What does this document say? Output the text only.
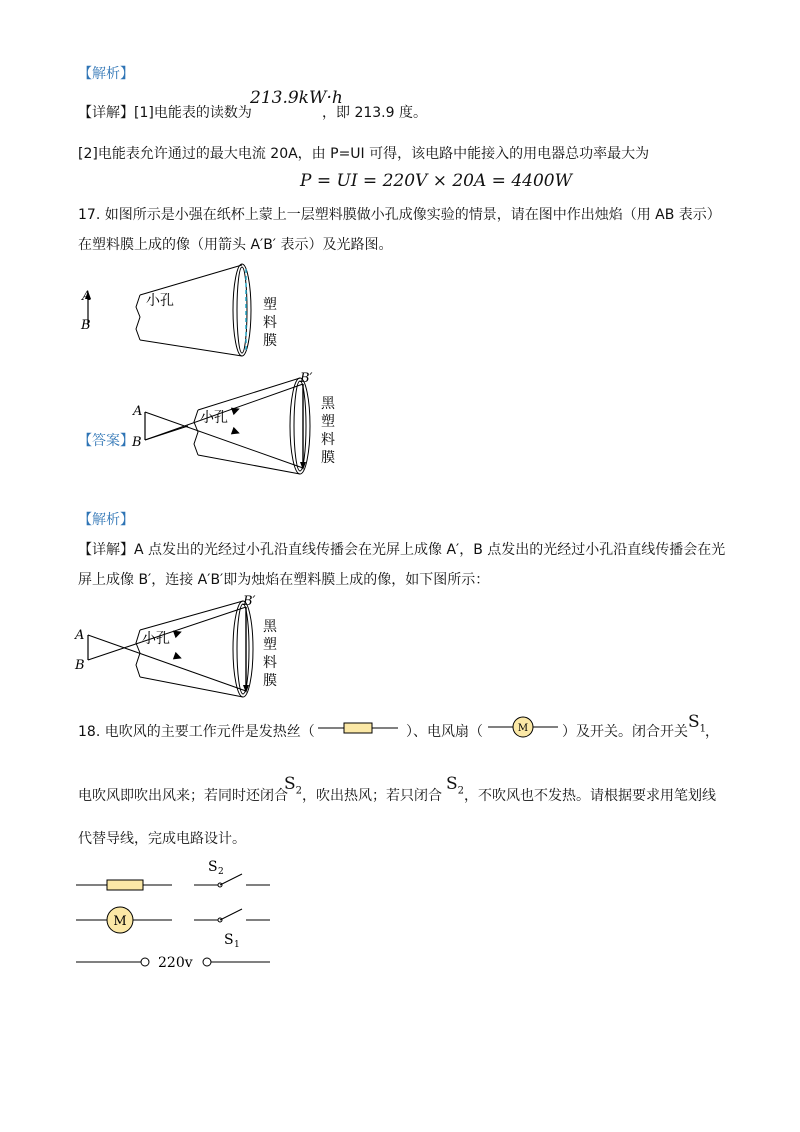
【解析】
【详解】[1]电能表的读数为
213.9kW·h
，即 213.9 度。
[2]电能表允许通过的最大电流 20A，由 P=UI 可得，该电路中能接入的用电器总功率最大为
P = UI = 220V × 20A = 4400W
17. 如图所示是小强在纸杯上蒙上一层塑料膜做小孔成像实验的情景，请在图中作出烛焰（用 AB 表示）
在塑料膜上成的像（用箭头 A′B′ 表示）及光路图。
A
B
小孔	塑
料
膜
【答案】
A
B
B′
小孔
黑
塑
料
膜
【解析】
【详解】A 点发出的光经过小孔沿直线传播会在光屏上成像 A′，B 点发出的光经过小孔沿直线传播会在光
屏上成像 B′，连接 A′B′即为烛焰在塑料膜上成的像，如下图所示：
A
B
B′
小孔
黑
塑
料
膜
18. 电吹风的主要工作元件是发热丝（	）、电风扇（	M ）及开关。闭合开关 $S_1$
，
电吹风即吹出风来；若同时还闭合
$S_2$ ，吹出热风；若只闭合
$S_2$ ，不吹风也不发热。请根据要求用笔划线
代替导线，完成电路设计。
S 2
M
S 1
220v
